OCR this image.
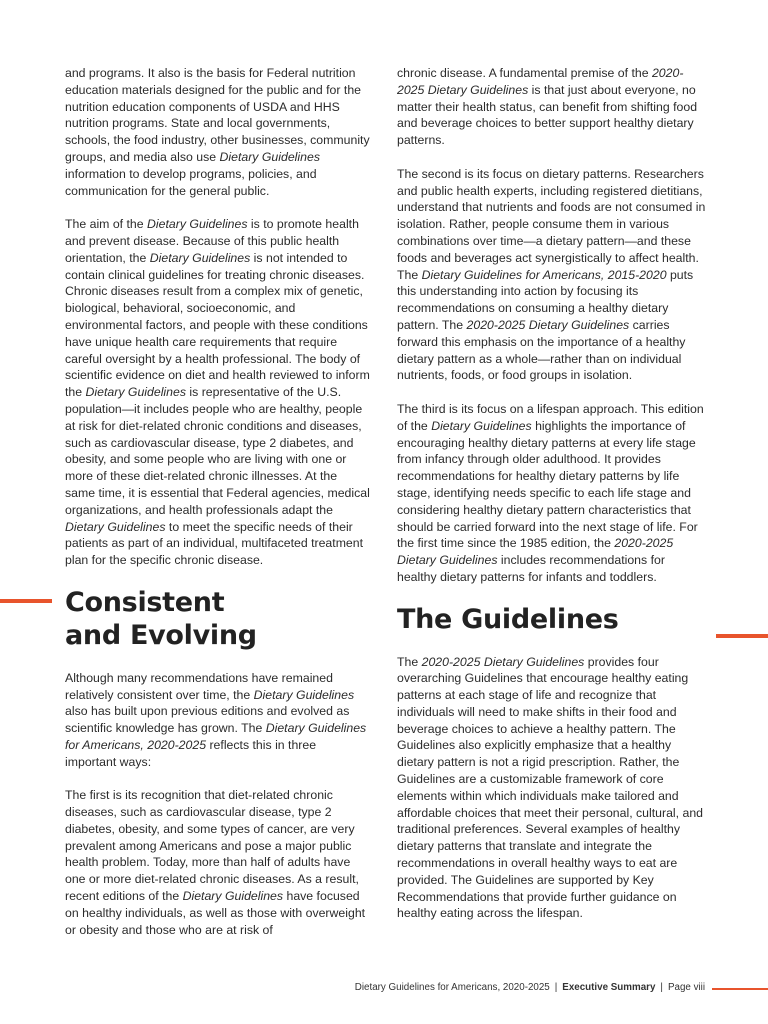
and programs. It also is the basis for Federal nutrition education materials designed for the public and for the nutrition education components of USDA and HHS nutrition programs. State and local governments, schools, the food industry, other businesses, community groups, and media also use Dietary Guidelines information to develop programs, policies, and communication for the general public.

The aim of the Dietary Guidelines is to promote health and prevent disease. Because of this public health orientation, the Dietary Guidelines is not intended to contain clinical guidelines for treating chronic diseases. Chronic diseases result from a complex mix of genetic, biological, behavioral, socioeconomic, and environmental factors, and people with these conditions have unique health care requirements that require careful oversight by a health professional. The body of scientific evidence on diet and health reviewed to inform the Dietary Guidelines is representative of the U.S. population—it includes people who are healthy, people at risk for diet-related chronic conditions and diseases, such as cardiovascular disease, type 2 diabetes, and obesity, and some people who are living with one or more of these diet-related chronic illnesses. At the same time, it is essential that Federal agencies, medical organizations, and health professionals adapt the Dietary Guidelines to meet the specific needs of their patients as part of an individual, multifaceted treatment plan for the specific chronic disease.

Consistent
and Evolving

Although many recommendations have remained relatively consistent over time, the Dietary Guidelines also has built upon previous editions and evolved as scientific knowledge has grown. The Dietary Guidelines for Americans, 2020-2025 reflects this in three important ways:

The first is its recognition that diet-related chronic diseases, such as cardiovascular disease, type 2 diabetes, obesity, and some types of cancer, are very prevalent among Americans and pose a major public health problem. Today, more than half of adults have one or more diet-related chronic diseases. As a result, recent editions of the Dietary Guidelines have focused on healthy individuals, as well as those with overweight or obesity and those who are at risk of

chronic disease. A fundamental premise of the 2020-2025 Dietary Guidelines is that just about everyone, no matter their health status, can benefit from shifting food and beverage choices to better support healthy dietary patterns.

The second is its focus on dietary patterns. Researchers and public health experts, including registered dietitians, understand that nutrients and foods are not consumed in isolation. Rather, people consume them in various combinations over time—a dietary pattern—and these foods and beverages act synergistically to affect health. The Dietary Guidelines for Americans, 2015-2020 puts this understanding into action by focusing its recommendations on consuming a healthy dietary pattern. The 2020-2025 Dietary Guidelines carries forward this emphasis on the importance of a healthy dietary pattern as a whole—rather than on individual nutrients, foods, or food groups in isolation.

The third is its focus on a lifespan approach. This edition of the Dietary Guidelines highlights the importance of encouraging healthy dietary patterns at every life stage from infancy through older adulthood. It provides recommendations for healthy dietary patterns by life stage, identifying needs specific to each life stage and considering healthy dietary pattern characteristics that should be carried forward into the next stage of life. For the first time since the 1985 edition, the 2020-2025 Dietary Guidelines includes recommendations for healthy dietary patterns for infants and toddlers.

The Guidelines

The 2020-2025 Dietary Guidelines provides four overarching Guidelines that encourage healthy eating patterns at each stage of life and recognize that individuals will need to make shifts in their food and beverage choices to achieve a healthy pattern. The Guidelines also explicitly emphasize that a healthy dietary pattern is not a rigid prescription. Rather, the Guidelines are a customizable framework of core elements within which individuals make tailored and affordable choices that meet their personal, cultural, and traditional preferences. Several examples of healthy dietary patterns that translate and integrate the recommendations in overall healthy ways to eat are provided. The Guidelines are supported by Key Recommendations that provide further guidance on healthy eating across the lifespan.

Dietary Guidelines for Americans, 2020-2025 | Executive Summary | Page viii
